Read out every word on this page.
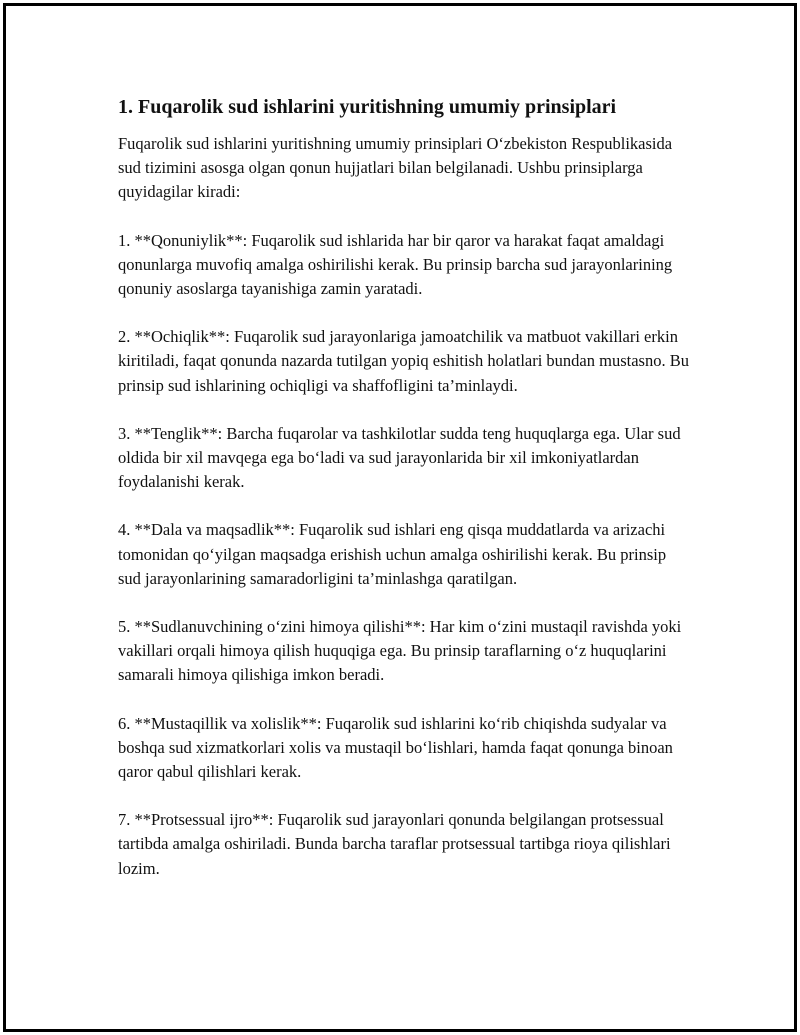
1. Fuqarolik sud ishlarini yuritishning umumiy prinsiplari

Fuqarolik sud ishlarini yuritishning umumiy prinsiplari O‘zbekiston Respublikasida sud tizimini asosga olgan qonun hujjatlari bilan belgilanadi. Ushbu prinsiplarga quyidagilar kiradi:

1. **Qonuniylik**: Fuqarolik sud ishlarida har bir qaror va harakat faqat amaldagi qonunlarga muvofiq amalga oshirilishi kerak. Bu prinsip barcha sud jarayonlarining qonuniy asoslarga tayanishiga zamin yaratadi.

2. **Ochiqlik**: Fuqarolik sud jarayonlariga jamoatchilik va matbuot vakillari erkin kiritiladi, faqat qonunda nazarda tutilgan yopiq eshitish holatlari bundan mustasno. Bu prinsip sud ishlarining ochiqligi va shaffofligini ta’minlaydi.

3. **Tenglik**: Barcha fuqarolar va tashkilotlar sudda teng huquqlarga ega. Ular sud oldida bir xil mavqega ega bo‘ladi va sud jarayonlarida bir xil imkoniyatlardan foydalanishi kerak.

4. **Dala va maqsadlik**: Fuqarolik sud ishlari eng qisqa muddatlarda va arizachi tomonidan qo‘yilgan maqsadga erishish uchun amalga oshirilishi kerak. Bu prinsip sud jarayonlarining samaradorligini ta’minlashga qaratilgan.

5. **Sudlanuvchining o‘zini himoya qilishi**: Har kim o‘zini mustaqil ravishda yoki vakillari orqali himoya qilish huquqiga ega. Bu prinsip taraflarning o‘z huquqlarini samarali himoya qilishiga imkon beradi.

6. **Mustaqillik va xolislik**: Fuqarolik sud ishlarini ko‘rib chiqishda sudyalar va boshqa sud xizmatkorlari xolis va mustaqil bo‘lishlari, hamda faqat qonunga binoan qaror qabul qilishlari kerak.

7. **Protsessual ijro**: Fuqarolik sud jarayonlari qonunda belgilangan protsessual tartibda amalga oshiriladi. Bunda barcha taraflar protsessual tartibga rioya qilishlari lozim.
